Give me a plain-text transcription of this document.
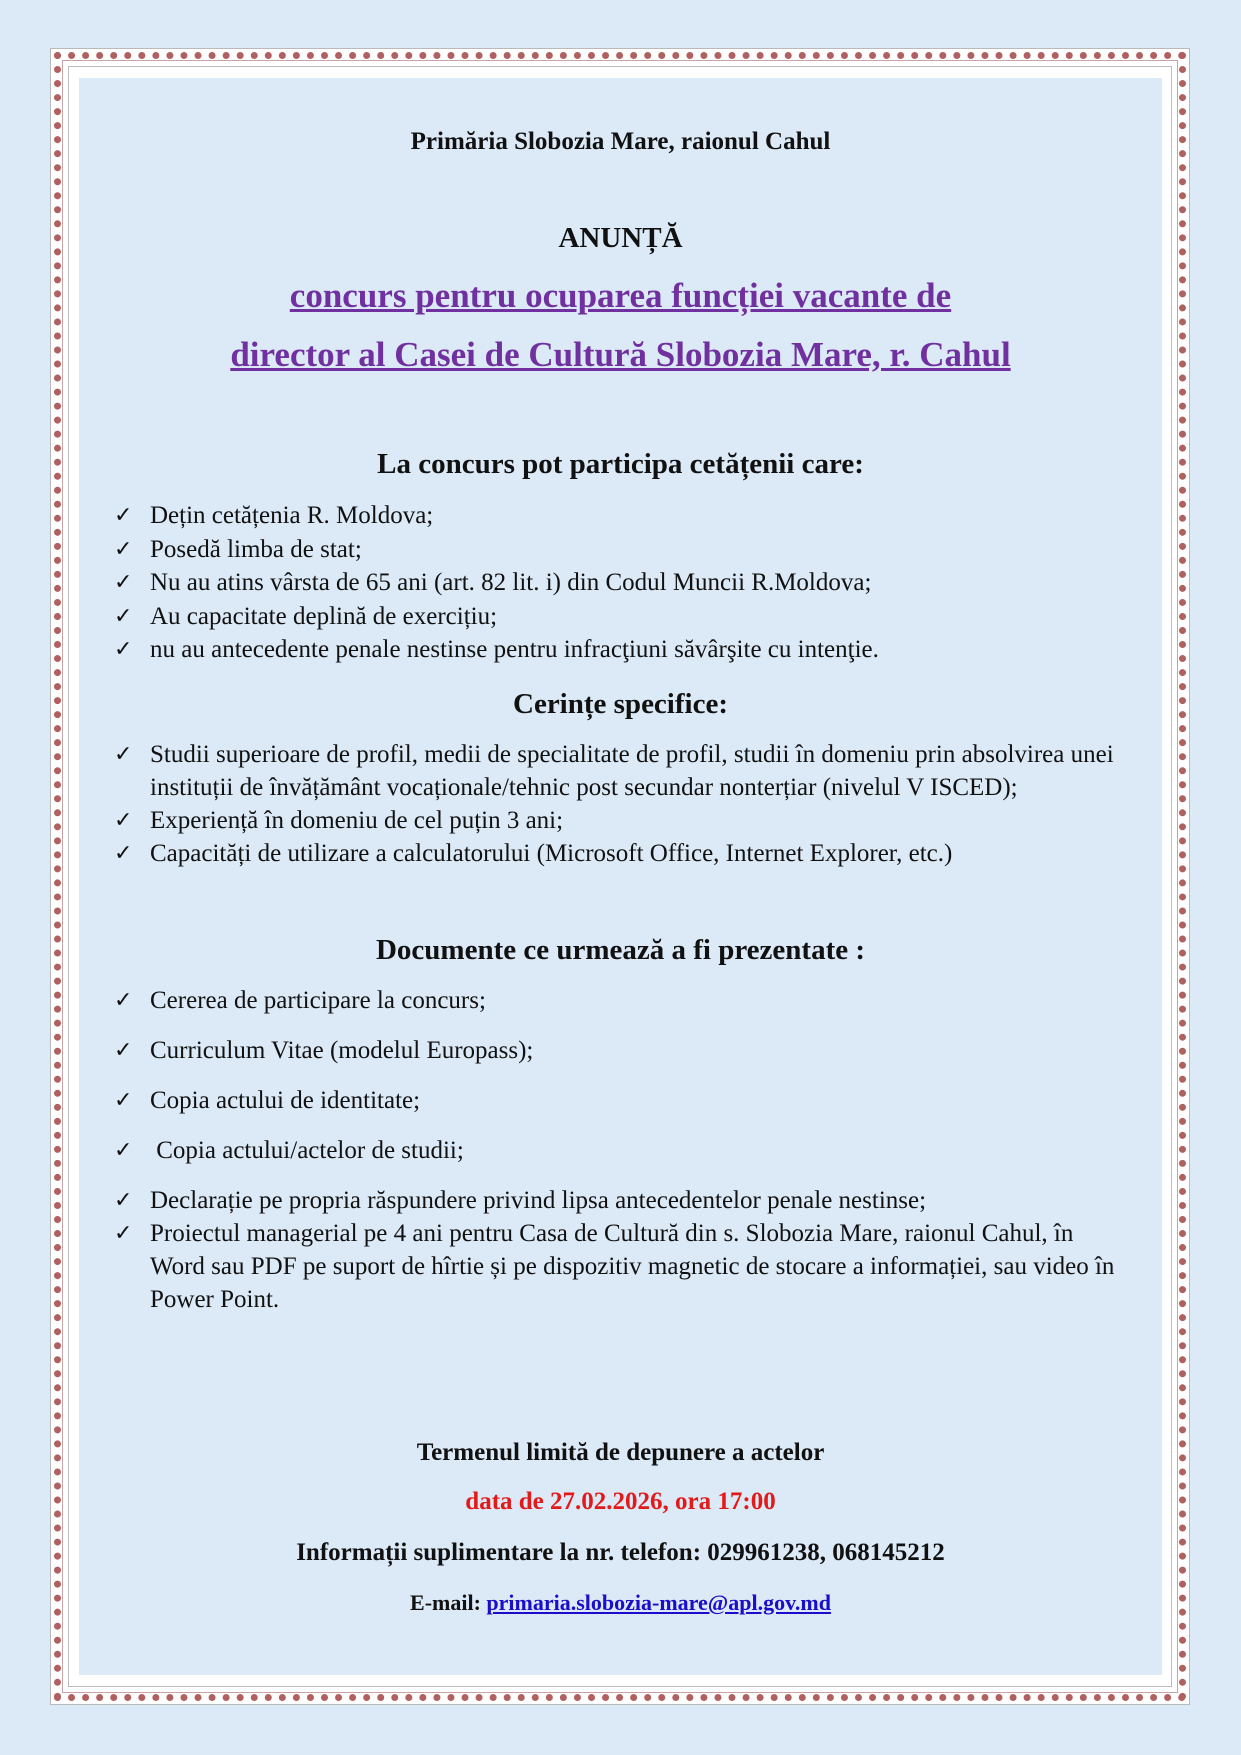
Primăria Slobozia Mare, raionul Cahul
ANUNȚĂ
concurs pentru ocuparea funcției vacante de
director al Casei de Cultură Slobozia Mare, r. Cahul
La concurs pot participa cetățenii care:
✓ Dețin cetățenia R. Moldova;
✓ Posedă limba de stat;
✓ Nu au atins vârsta de 65 ani (art. 82 lit. i) din Codul Muncii R.Moldova;
✓ Au capacitate deplină de exercițiu;
✓ nu au antecedente penale nestinse pentru infracţiuni săvârşite cu intenţie.
Cerințe specifice:
✓ Studii superioare de profil, medii de specialitate de profil, studii în domeniu prin absolvirea unei instituții de învățământ vocaționale/tehnic post secundar nonterțiar (nivelul V ISCED);
✓ Experiență în domeniu de cel puțin 3 ani;
✓ Capacități de utilizare a calculatorului (Microsoft Office, Internet Explorer, etc.)
Documente ce urmează a fi prezentate :
✓ Cererea de participare la concurs;
✓ Curriculum Vitae (modelul Europass);
✓ Copia actului de identitate;
✓ Copia actului/actelor de studii;
✓ Declarație pe propria răspundere privind lipsa antecedentelor penale nestinse;
✓ Proiectul managerial pe 4 ani pentru Casa de Cultură din s. Slobozia Mare, raionul Cahul, în Word sau PDF pe suport de hîrtie și pe dispozitiv magnetic de stocare a informației, sau video în Power Point.
Termenul limită de depunere a actelor
data de 27.02.2026, ora 17:00
Informații suplimentare la nr. telefon: 029961238, 068145212
E-mail: primaria.slobozia-mare@apl.gov.md
